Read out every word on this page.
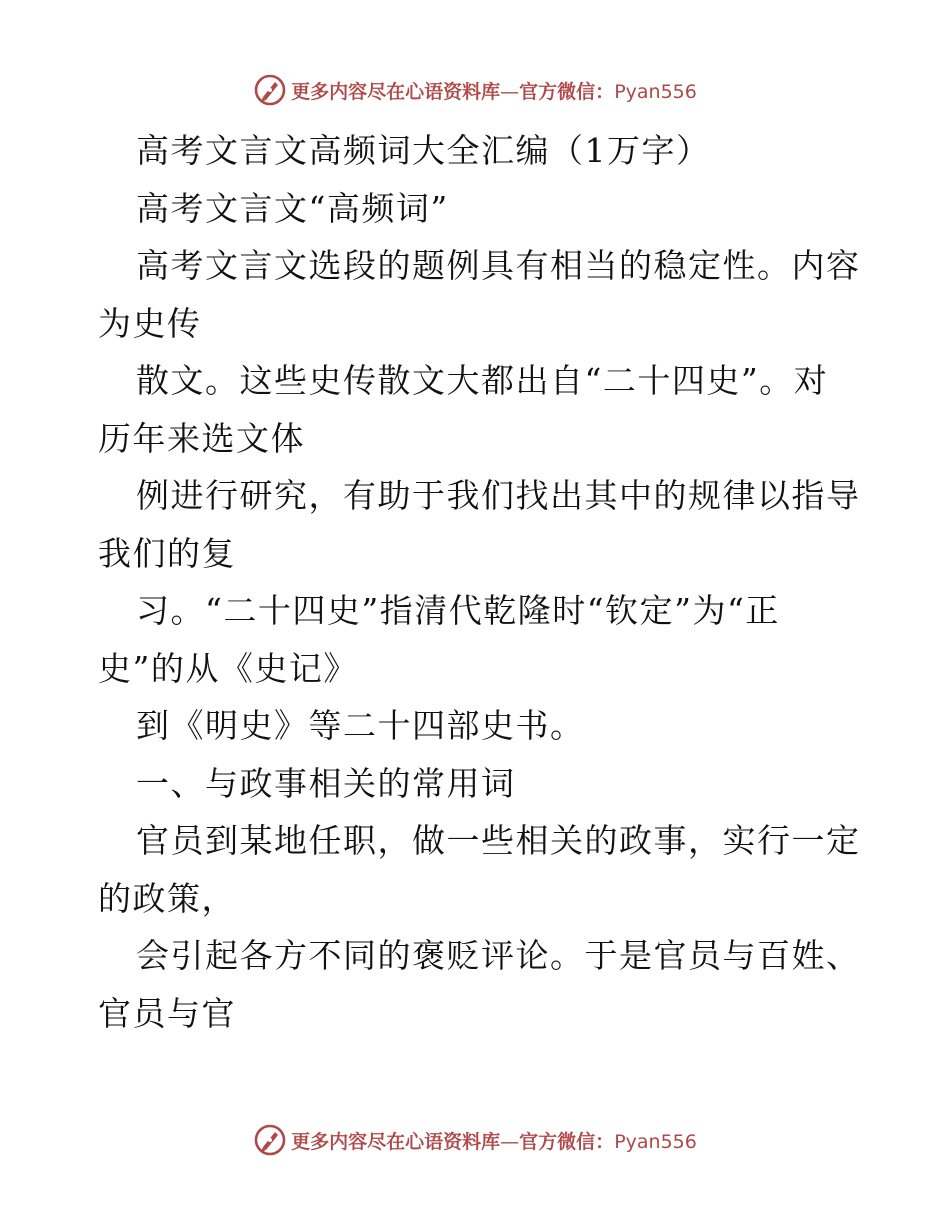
更多内容尽在心语资料库—官方微信：Pyan556
高考文言文高频词大全汇编（1万字）
高考文言文“高频词”
高考文言文选段的题例具有相当的稳定性。内容
为史传
散文。这些史传散文大都出自“二十四史”。对
历年来选文体
例进行研究，有助于我们找出其中的规律以指导
我们的复
习。“二十四史”指清代乾隆时“钦定”为“正
史”的从《史记》
到《明史》等二十四部史书。
一、与政事相关的常用词
官员到某地任职，做一些相关的政事，实行一定
的政策，
会引起各方不同的褒贬评论。于是官员与百姓、
官员与官
更多内容尽在心语资料库—官方微信：Pyan556
